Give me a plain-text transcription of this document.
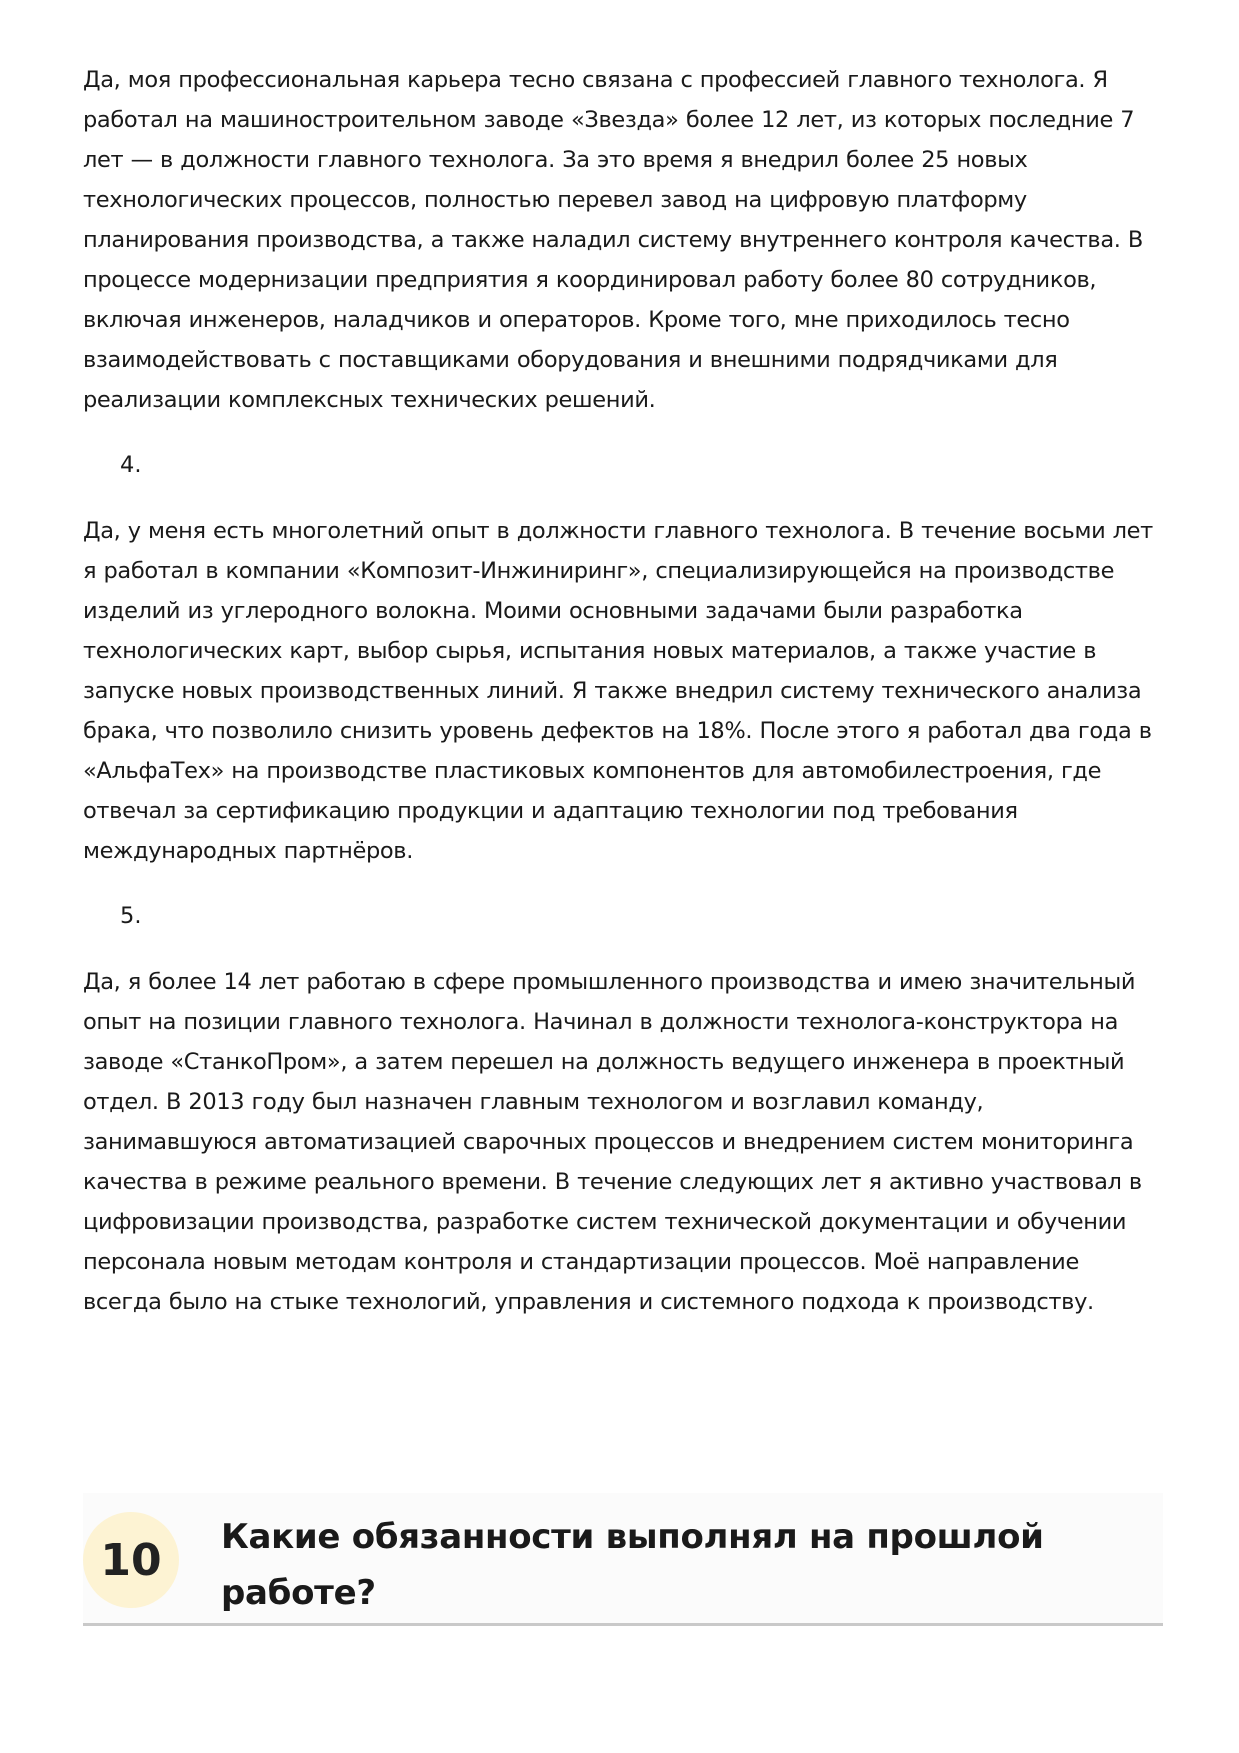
Да, моя профессиональная карьера тесно связана с профессией главного технолога. Я работал на машиностроительном заводе «Звезда» более 12 лет, из которых последние 7 лет — в должности главного технолога. За это время я внедрил более 25 новых технологических процессов, полностью перевел завод на цифровую платформу планирования производства, а также наладил систему внутреннего контроля качества. В процессе модернизации предприятия я координировал работу более 80 сотрудников, включая инженеров, наладчиков и операторов. Кроме того, мне приходилось тесно взаимодействовать с поставщиками оборудования и внешними подрядчиками для реализации комплексных технических решений.

4.

Да, у меня есть многолетний опыт в должности главного технолога. В течение восьми лет я работал в компании «Композит-Инжиниринг», специализирующейся на производстве изделий из углеродного волокна. Моими основными задачами были разработка технологических карт, выбор сырья, испытания новых материалов, а также участие в запуске новых производственных линий. Я также внедрил систему технического анализа брака, что позволило снизить уровень дефектов на 18%. После этого я работал два года в «АльфаТех» на производстве пластиковых компонентов для автомобилестроения, где отвечал за сертификацию продукции и адаптацию технологии под требования международных партнёров.

5.

Да, я более 14 лет работаю в сфере промышленного производства и имею значительный опыт на позиции главного технолога. Начинал в должности технолога-конструктора на заводе «СтанкоПром», а затем перешел на должность ведущего инженера в проектный отдел. В 2013 году был назначен главным технологом и возглавил команду, занимавшуюся автоматизацией сварочных процессов и внедрением систем мониторинга качества в режиме реального времени. В течение следующих лет я активно участвовал в цифровизации производства, разработке систем технической документации и обучении персонала новым методам контроля и стандартизации процессов. Моё направление всегда было на стыке технологий, управления и системного подхода к производству.

10	Какие обязанности выполнял на прошлой
работе?
